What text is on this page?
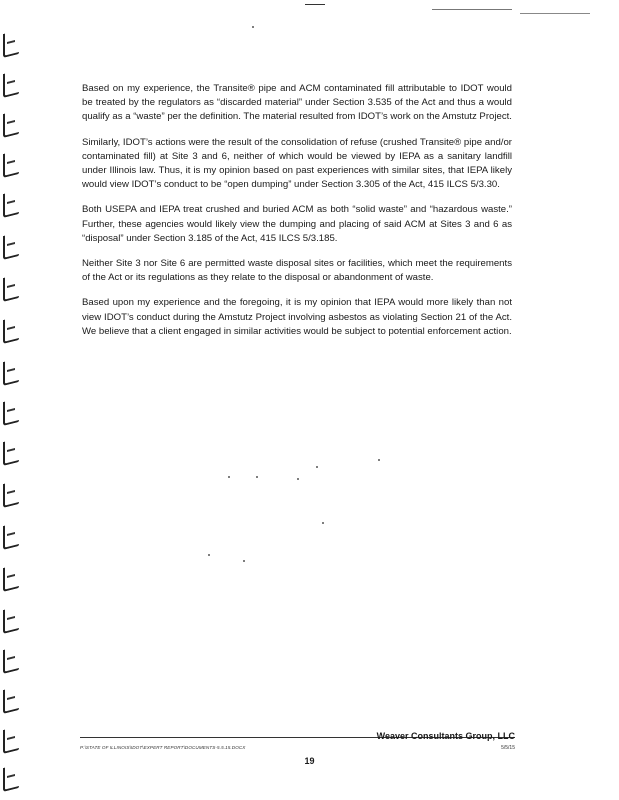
Based on my experience, the Transite® pipe and ACM contaminated fill attributable to IDOT would be treated by the regulators as “discarded material” under Section 3.535 of the Act and thus a would qualify as a “waste” per the definition. The material resulted from IDOT’s work on the Amstutz Project.

Similarly, IDOT’s actions were the result of the consolidation of refuse (crushed Transite® pipe and/or contaminated fill) at Site 3 and 6, neither of which would be viewed by IEPA as a sanitary landfill under Illinois law. Thus, it is my opinion based on past experiences with similar sites, that IEPA likely would view IDOT’s conduct to be “open dumping” under Section 3.305 of the Act, 415 ILCS 5/3.30.

Both USEPA and IEPA treat crushed and buried ACM as both “solid waste” and “hazardous waste.” Further, these agencies would likely view the dumping and placing of said ACM at Sites 3 and 6 as “disposal” under Section 3.185 of the Act, 415 ILCS 5/3.185.

Neither Site 3 nor Site 6 are permitted waste disposal sites or facilities, which meet the requirements of the Act or its regulations as they relate to the disposal or abandonment of waste.

Based upon my experience and the foregoing, it is my opinion that IEPA would more likely than not view IDOT’s conduct during the Amstutz Project involving asbestos as violating Section 21 of the Act. We believe that a client engaged in similar activities would be subject to potential enforcement action.

Weaver Consultants Group, LLC
P:\STATE OF ILLINOIS\IDOT\EXPERT REPORT\DOCUMENTS-5.5.15.DOCX	5/5/15
19
